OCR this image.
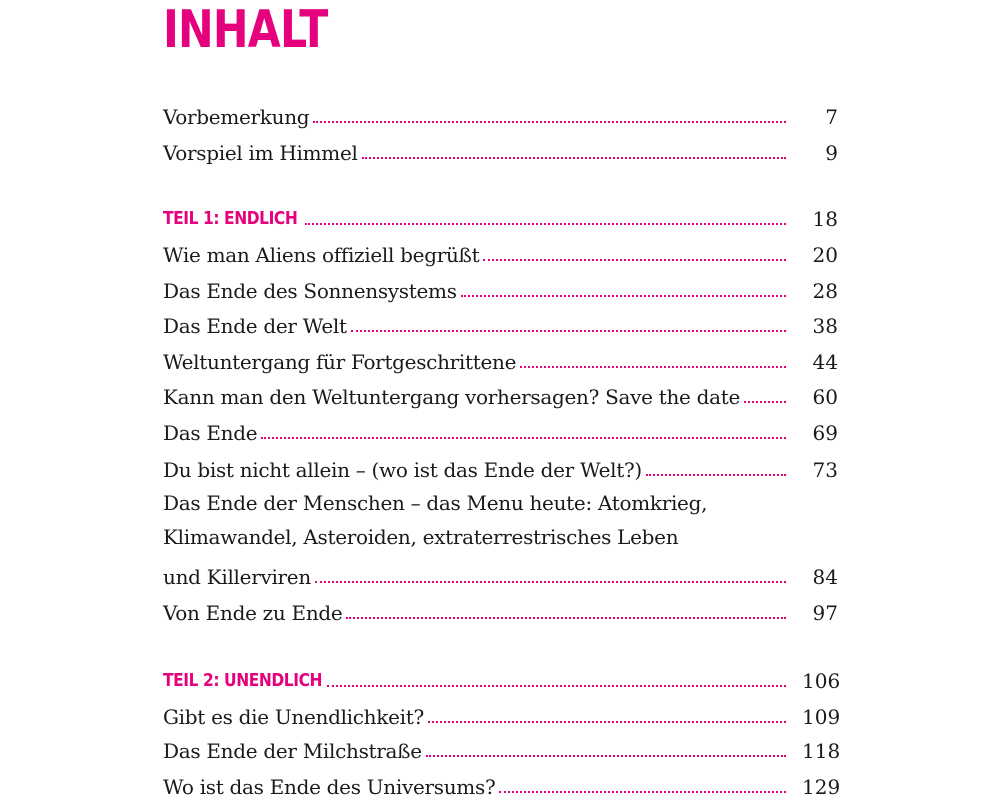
INHALT
Vorbemerkung	7
Vorspiel im Himmel	9
TEIL 1: ENDLICH	18
Wie man Aliens offiziell begrüßt	20
Das Ende des Sonnensystems	28
Das Ende der Welt	38
Weltuntergang für Fortgeschrittene	44
Kann man den Weltuntergang vorhersagen? Save the date	60
Das Ende	69
Du bist nicht allein – (wo ist das Ende der Welt?)	73
Das Ende der Menschen – das Menu heute: Atomkrieg,
Klimawandel, Asteroiden, extraterrestrisches Leben
und Killerviren	84
Von Ende zu Ende	97
TEIL 2: UNENDLICH	106
Gibt es die Unendlichkeit?	109
Das Ende der Milchstraße	118
Wo ist das Ende des Universums?	129
